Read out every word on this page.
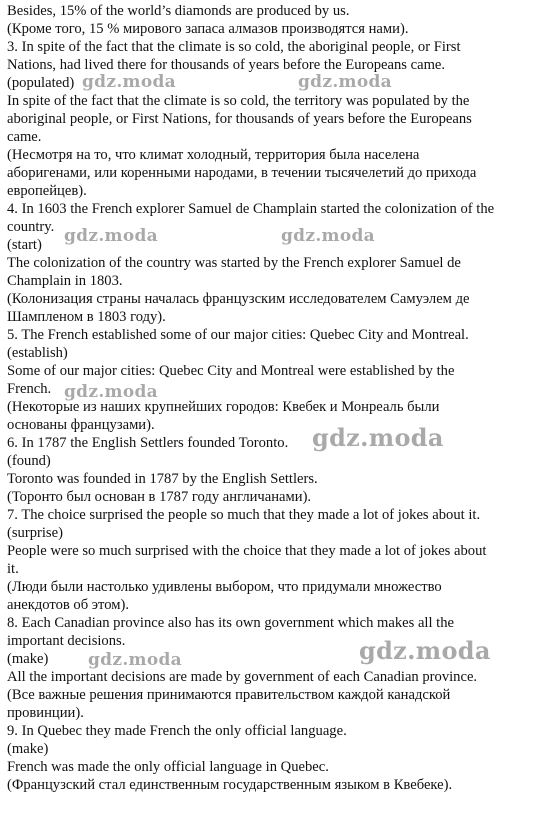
Besides, 15% of the world’s diamonds are produced by us.
(Кроме того, 15 % мирового запаса алмазов производятся нами).
3. In spite of the fact that the climate is so cold, the aboriginal people, or First
Nations, had lived there for thousands of years before the Europeans came.
(populated)
In spite of the fact that the climate is so cold, the territory was populated by the
aboriginal people, or First Nations, for thousands of years before the Europeans
came.
(Несмотря на то, что климат холодный, территория была населена
аборигенами, или коренными народами, в течении тысячелетий до прихода
европейцев).
4. In 1603 the French explorer Samuel de Champlain started the colonization of the
country.
(start)
The colonization of the country was started by the French explorer Samuel de
Champlain in 1803.
(Колонизация страны началась французским исследователем Самуэлем де
Шампленом в 1803 году).
5. The French established some of our major cities: Quebec City and Montreal.
(establish)
Some of our major cities: Quebec City and Montreal were established by the
French.
(Некоторые из наших крупнейших городов: Квебек и Монреаль были
основаны французами).
6. In 1787 the English Settlers founded Toronto.
(found)
Toronto was founded in 1787 by the English Settlers.
(Торонто был основан в 1787 году англичанами).
7. The choice surprised the people so much that they made a lot of jokes about it.
(surprise)
People were so much surprised with the choice that they made a lot of jokes about
it.
(Люди были настолько удивлены выбором, что придумали множество
анекдотов об этом).
8. Each Canadian province also has its own government which makes all the
important decisions.
(make)
All the important decisions are made by government of each Canadian province.
(Все важные решения принимаются правительством каждой канадской
провинции).
9. In Quebec they made French the only official language.
(make)
French was made the only official language in Quebec.
(Французский стал единственным государственным языком в Квебеке).
gdz.moda	gdz.moda
gdz.moda	gdz.moda
gdz.moda
gdz.moda
gdz.moda	gdz.moda
